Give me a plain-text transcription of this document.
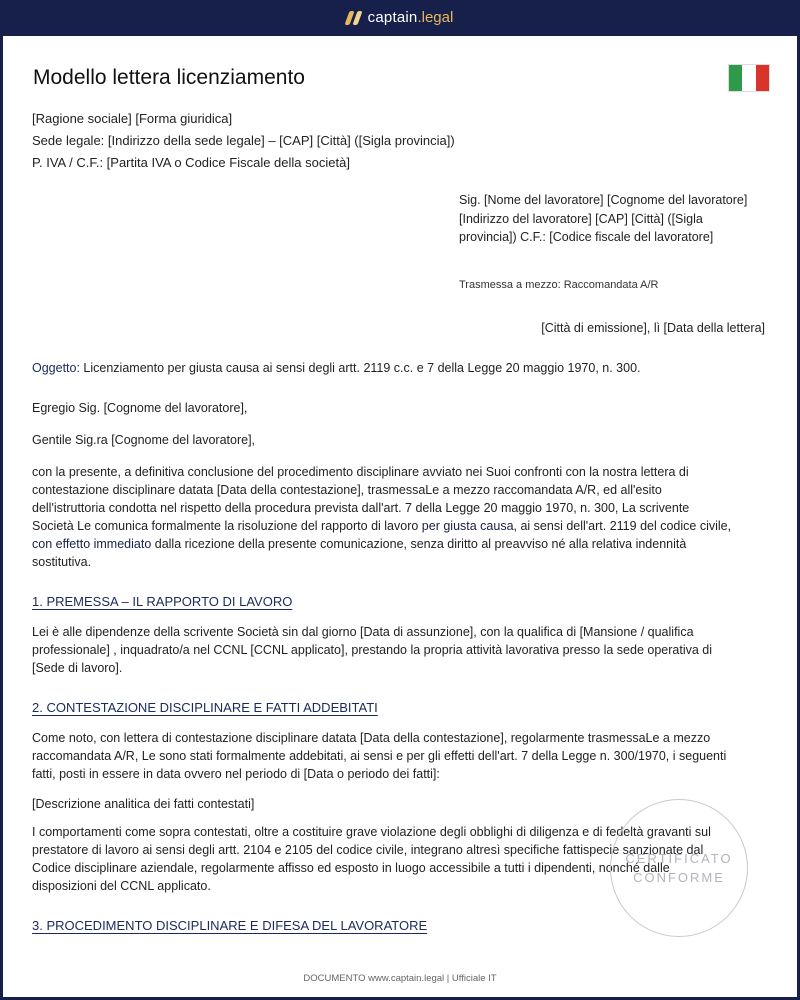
captain.legal
Modello lettera licenziamento
[Ragione sociale] [Forma giuridica]
Sede legale: [Indirizzo della sede legale] – [CAP] [Città] ([Sigla provincia])
P. IVA / C.F.: [Partita IVA o Codice Fiscale della società]
Sig. [Nome del lavoratore] [Cognome del lavoratore] [Indirizzo del lavoratore] [CAP] [Città] ([Sigla provincia]) C.F.: [Codice fiscale del lavoratore]
Trasmessa a mezzo: Raccomandata A/R
[Città di emissione], lì [Data della lettera]
Oggetto: Licenziamento per giusta causa ai sensi degli artt. 2119 c.c. e 7 della Legge 20 maggio 1970, n. 300.
Egregio Sig. [Cognome del lavoratore],
Gentile Sig.ra [Cognome del lavoratore],

con la presente, a definitiva conclusione del procedimento disciplinare avviato nei Suoi confronti con la nostra lettera di contestazione disciplinare datata [Data della contestazione], trasmessaLe a mezzo raccomandata A/R, ed all'esito dell'istruttoria condotta nel rispetto della procedura prevista dall'art. 7 della Legge 20 maggio 1970, n. 300, La scrivente Società Le comunica formalmente la risoluzione del rapporto di lavoro per giusta causa, ai sensi dell'art. 2119 del codice civile, con effetto immediato dalla ricezione della presente comunicazione, senza diritto al preavviso né alla relativa indennità sostitutiva.

1. PREMESSA – IL RAPPORTO DI LAVORO

Lei è alle dipendenze della scrivente Società sin dal giorno [Data di assunzione], con la qualifica di [Mansione / qualifica professionale] , inquadrato/a nel CCNL [CCNL applicato], prestando la propria attività lavorativa presso la sede operativa di [Sede di lavoro].

2. CONTESTAZIONE DISCIPLINARE E FATTI ADDEBITATI

Come noto, con lettera di contestazione disciplinare datata [Data della contestazione], regolarmente trasmessaLe a mezzo raccomandata A/R, Le sono stati formalmente addebitati, ai sensi e per gli effetti dell'art. 7 della Legge n. 300/1970, i seguenti fatti, posti in essere in data ovvero nel periodo di [Data o periodo dei fatti]:

[Descrizione analitica dei fatti contestati]

I comportamenti come sopra contestati, oltre a costituire grave violazione degli obblighi di diligenza e di fedeltà gravanti sul prestatore di lavoro ai sensi degli artt. 2104 e 2105 del codice civile, integrano altresì specifiche fattispecie sanzionate dal Codice disciplinare aziendale, regolarmente affisso ed esposto in luogo accessibile a tutti i dipendenti, nonché dalle disposizioni del CCNL applicato.

3. PROCEDIMENTO DISCIPLINARE E DIFESA DEL LAVORATORE
CERTIFICATO
CONFORME
DOCUMENTO www.captain.legal | Ufficiale IT
